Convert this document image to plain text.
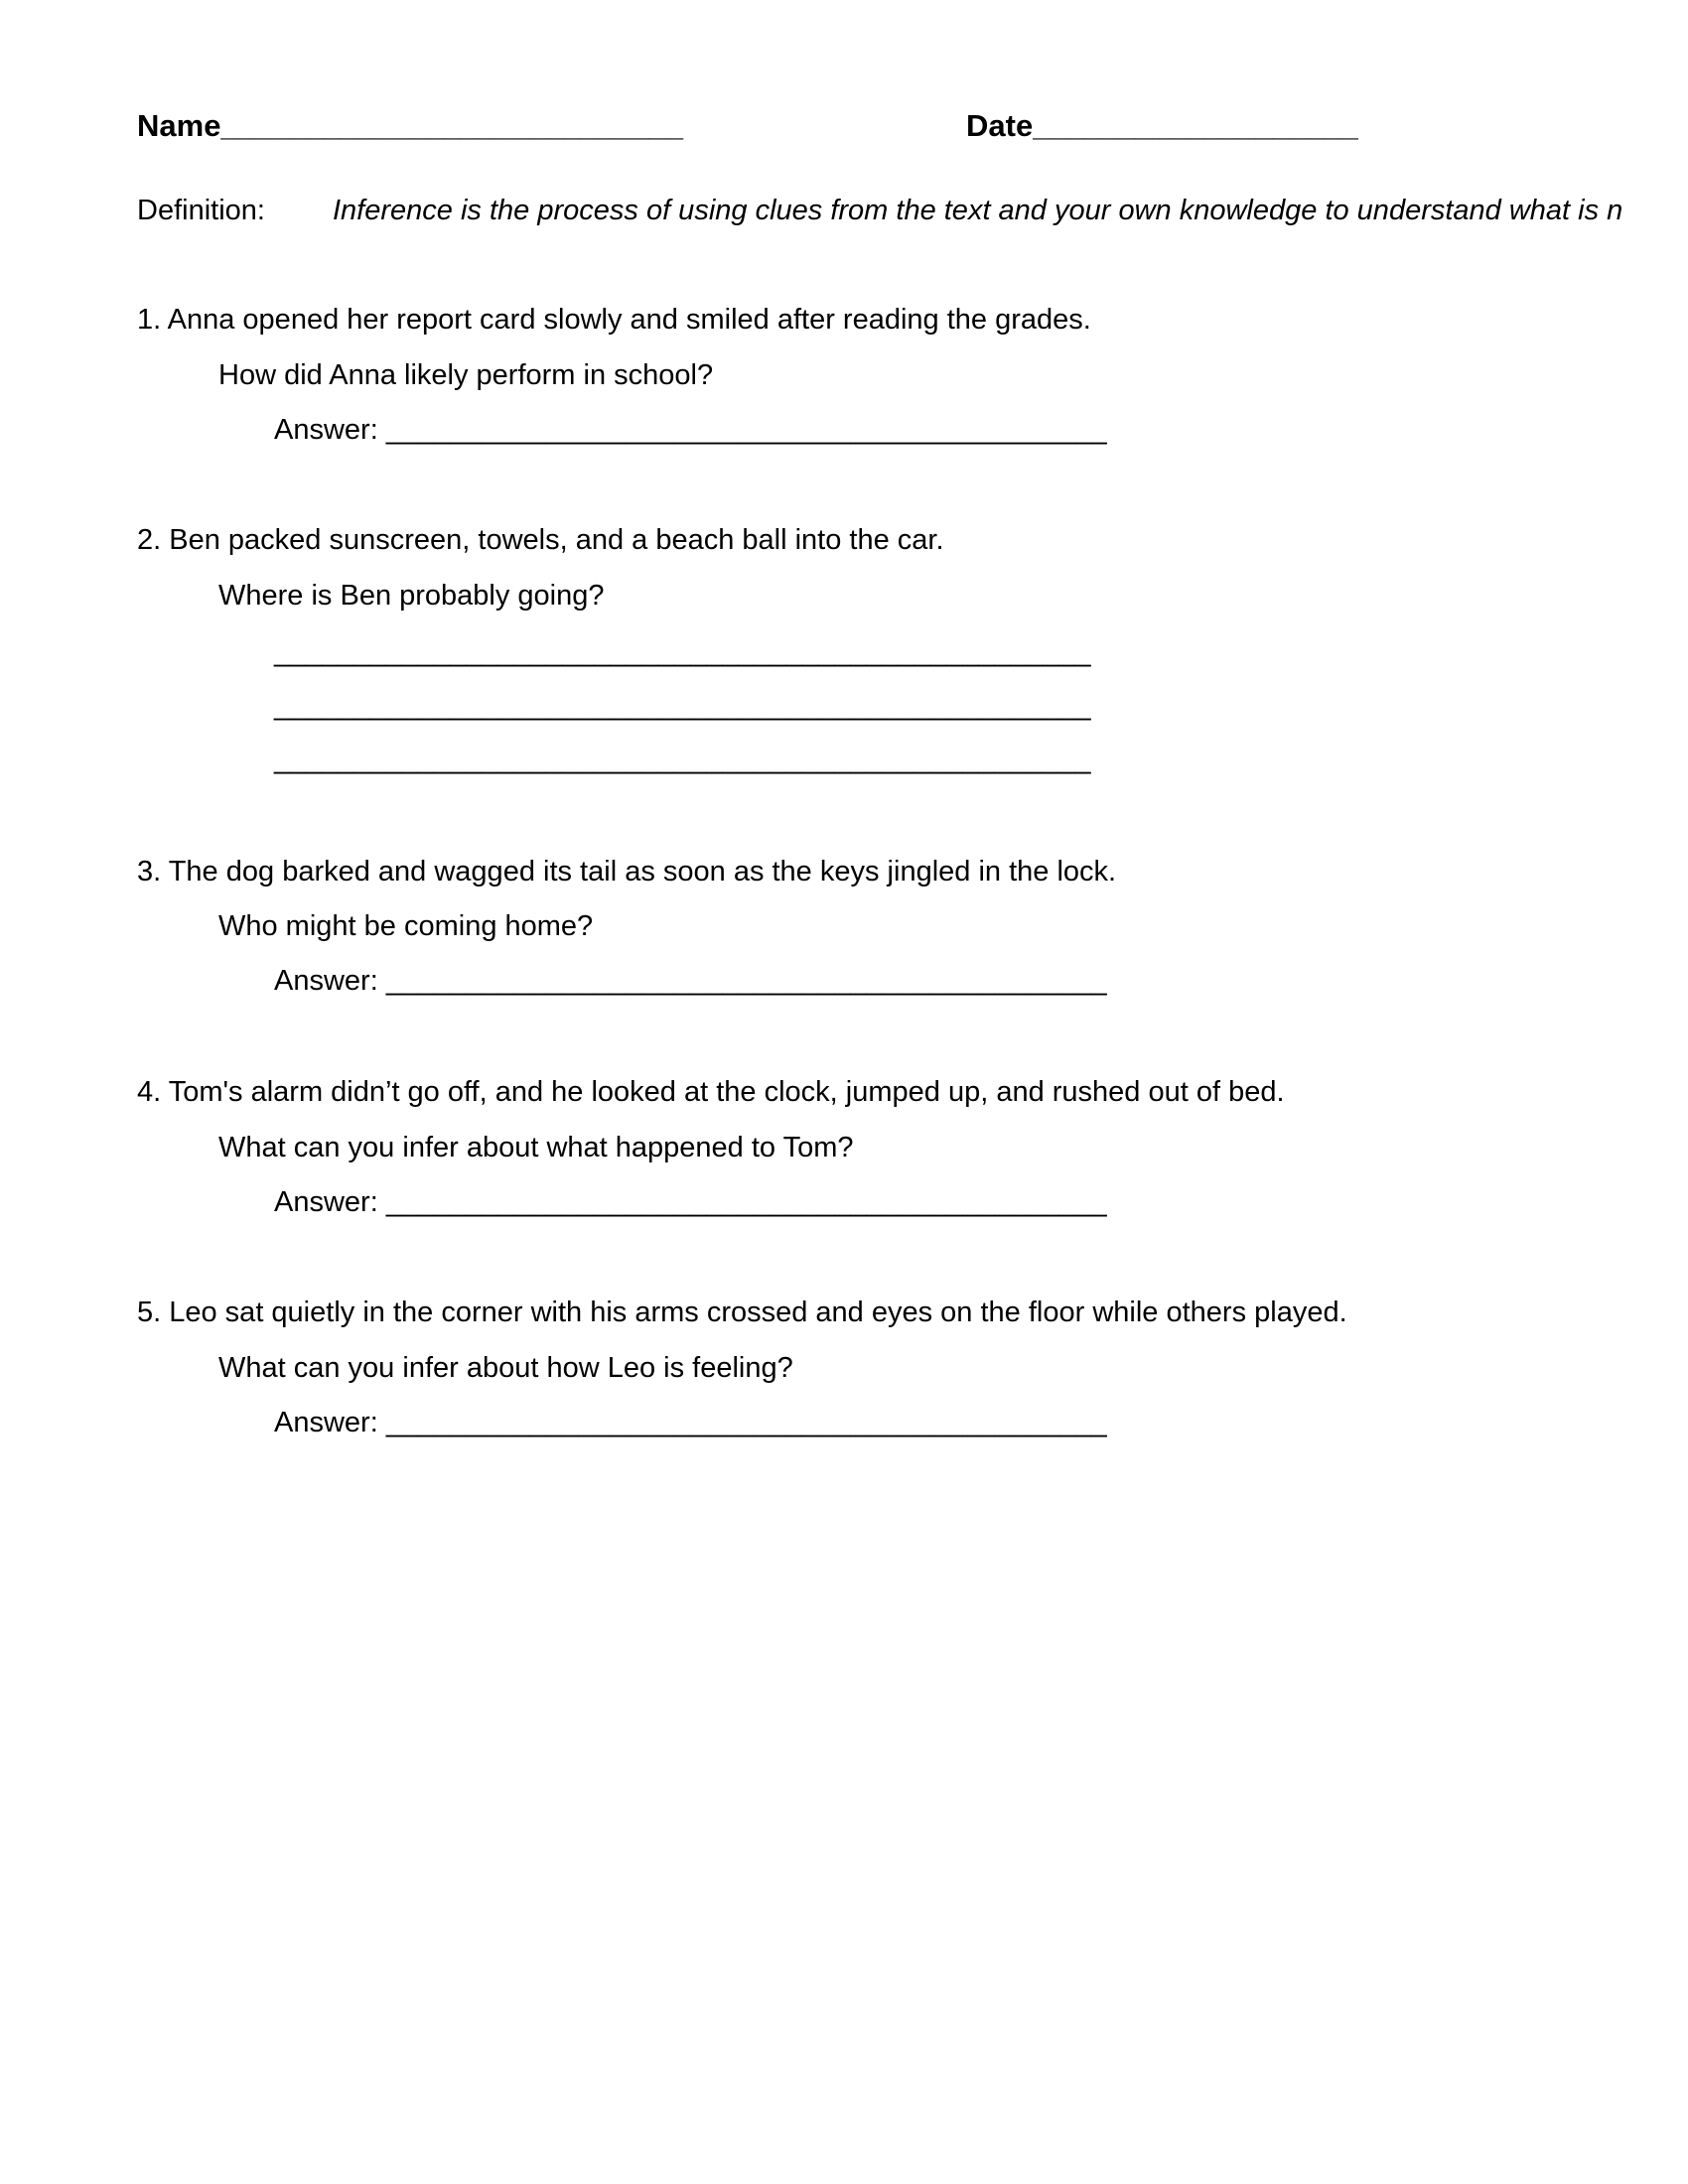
Name___________________________	Date___________________
Definition: Inference is the process of using clues from the text and your own knowledge to understand what is n
1. Anna opened her report card slowly and smiled after reading the grades.
How did Anna likely perform in school?
Answer: _____________________________________________
2. Ben packed sunscreen, towels, and a beach ball into the car.
Where is Ben probably going?
___________________________________________________
___________________________________________________
___________________________________________________
3. The dog barked and wagged its tail as soon as the keys jingled in the lock.
Who might be coming home?
Answer: _____________________________________________
4. Tom's alarm didn’t go off, and he looked at the clock, jumped up, and rushed out of bed.
What can you infer about what happened to Tom?
Answer: _____________________________________________
5. Leo sat quietly in the corner with his arms crossed and eyes on the floor while others played.
What can you infer about how Leo is feeling?
Answer: _____________________________________________
